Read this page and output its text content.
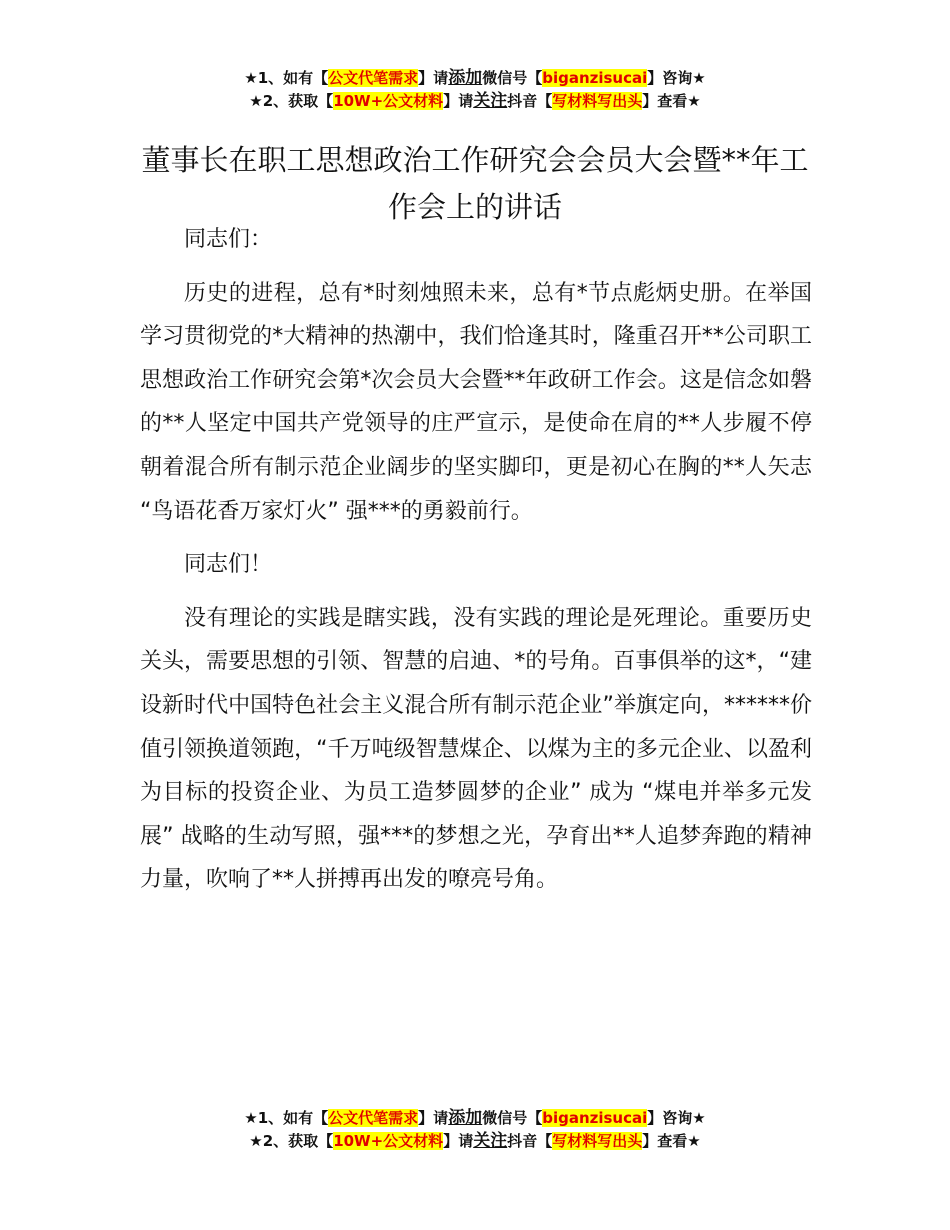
★1、如有【公文代笔需求】请添加微信号【biganzisucai】咨询★
★2、获取【10W+公文材料】请关注抖音【写材料写出头】查看★
董事长在职工思想政治工作研究会会员大会暨**年工作会上的讲话

同志们：

历史的进程，总有*时刻烛照未来，总有*节点彪炳史册。在举国学习贯彻党的*大精神的热潮中，我们恰逢其时，隆重召开**公司职工思想政治工作研究会第*次会员大会暨**年政研工作会。这是信念如磐的**人坚定中国共产党领导的庄严宣示，是使命在肩的**人步履不停朝着混合所有制示范企业阔步的坚实脚印，更是初心在胸的**人矢志 “鸟语花香万家灯火” 强***的勇毅前行。

同志们！

没有理论的实践是瞎实践，没有实践的理论是死理论。重要历史关头，需要思想的引领、智慧的启迪、*的号角。百事俱举的这*，“建设新时代中国特色社会主义混合所有制示范企业”举旗定向，******价值引领换道领跑，“千万吨级智慧煤企、以煤为主的多元企业、以盈利为目标的投资企业、为员工造梦圆梦的企业” 成为 “煤电并举多元发展” 战略的生动写照，强***的梦想之光，孕育出**人追梦奔跑的精神力量，吹响了**人拼搏再出发的嘹亮号角。

★1、如有【公文代笔需求】请添加微信号【biganzisucai】咨询★
★2、获取【10W+公文材料】请关注抖音【写材料写出头】查看★
